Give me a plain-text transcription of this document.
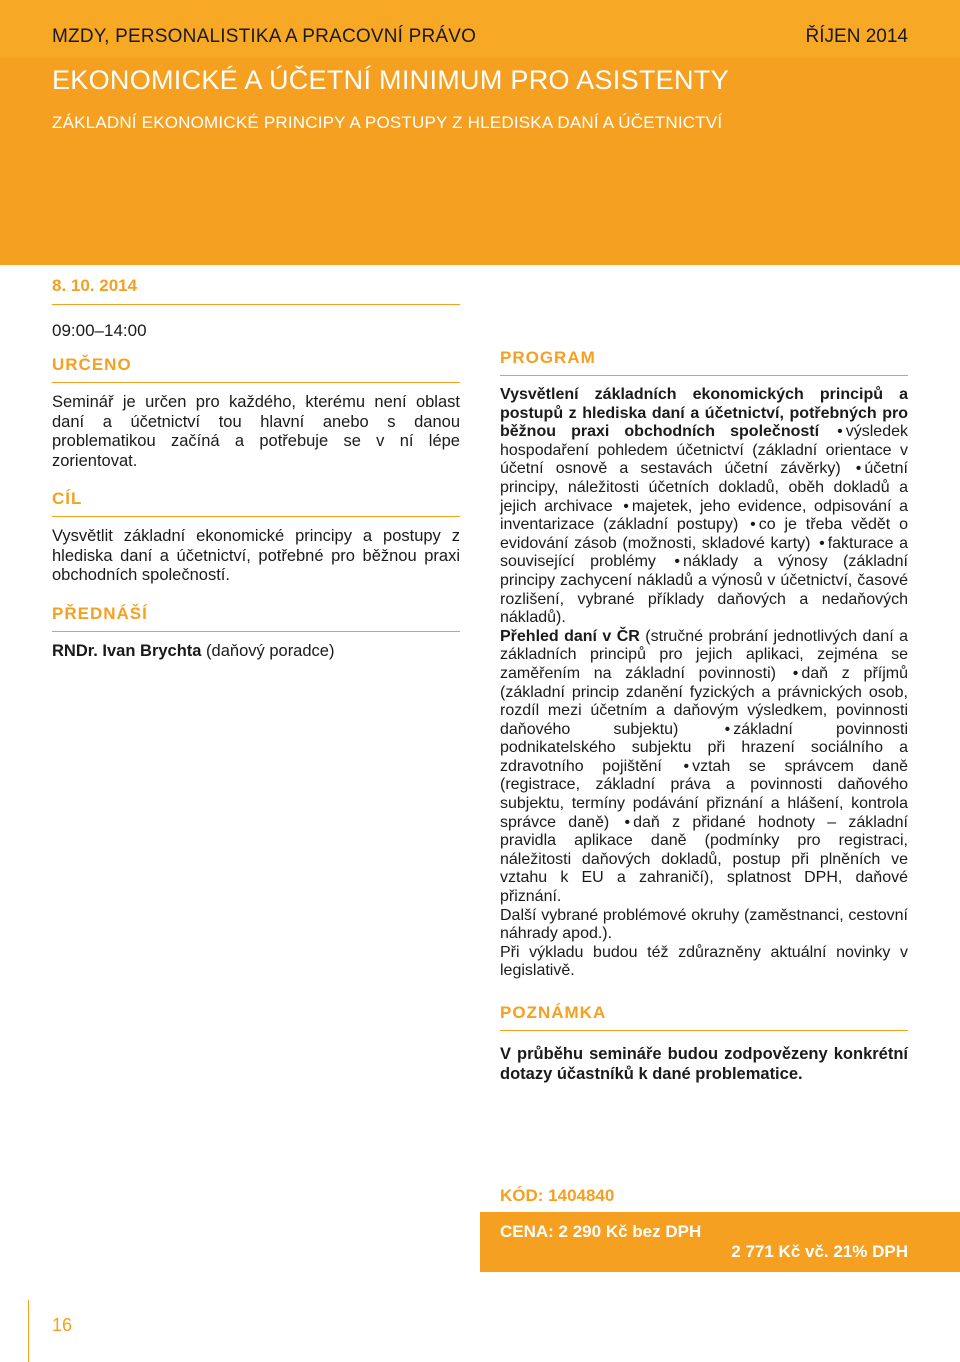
MZDY, PERSONALISTIKA A PRACOVNÍ PRÁVO	ŘÍJEN 2014
EKONOMICKÉ A ÚČETNÍ MINIMUM PRO ASISTENTY
ZÁKLADNÍ EKONOMICKÉ PRINCIPY A POSTUPY Z HLEDISKA DANÍ A ÚČETNICTVÍ
8. 10. 2014
09:00–14:00
URČENO
Seminář je určen pro každého, kterému není oblast daní a účetnictví tou hlavní anebo s danou problematikou začíná a potřebuje se v ní lépe zorientovat.
CÍL
Vysvětlit základní ekonomické principy a postupy z hlediska daní a účetnictví, potřebné pro běžnou praxi obchodních společností.
PŘEDNÁŠÍ
RNDr. Ivan Brychta (daňový poradce)
PROGRAM

Vysvětlení základních ekonomických principů a postupů z hlediska daní a účetnictví, potřebných pro běžnou praxi obchodních společností • výsledek hospodaření pohledem účetnictví (základní orientace v účetní osnově a sestavách účetní závěrky) • účetní principy, náležitosti účetních dokladů, oběh dokladů a jejich archivace • majetek, jeho evidence, odpisování a inventarizace (základní postupy) • co je třeba vědět o evidování zásob (možnosti, skladové karty) • fakturace a související problémy • náklady a výnosy (základní principy zachycení nákladů a výnosů v účetnictví, časové rozlišení, vybrané příklady daňových a nedaňových nákladů).

Přehled daní v ČR (stručné probrání jednotlivých daní a základních principů pro jejich aplikaci, zejména se zaměřením na základní povinnosti) • daň z příjmů (základní princip zdanění fyzických a právnických osob, rozdíl mezi účetním a daňovým výsledkem, povinnosti daňového subjektu)	• základní povinnosti podnikatelského subjektu při hrazení sociálního a zdravotního pojištění • vztah se správcem daně (registrace, základní práva a povinnosti daňového subjektu, termíny podávání přiznání a hlášení, kontrola správce daně) • daň z přidané hodnoty – základní pravidla aplikace daně (podmínky pro registraci, náležitosti daňových dokladů, postup při plněních ve vztahu k EU a zahraničí), splatnost DPH, daňové přiznání.

Další vybrané problémové okruhy (zaměstnanci, cestovní náhrady apod.).

Při výkladu budou též zdůrazněny aktuální novinky v legislativě.

POZNÁMKA
V průběhu semináře budou zodpovězeny konkrétní dotazy účastníků k dané problematice.
KÓD: 1404840
CENA: 2 290 Kč bez DPH
2 771 Kč vč. 21% DPH
16
